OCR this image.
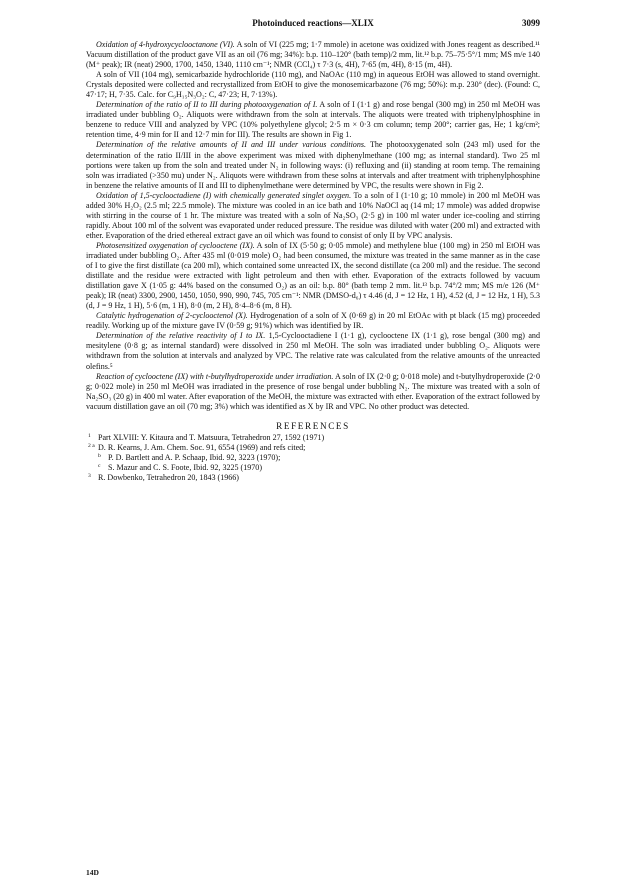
Photoinduced reactions—XLIX	3099

Oxidation of 4-hydroxycyclooctanone (VI). A soln of VI (225 mg; 1·7 mmole) in acetone was oxidized with Jones reagent as described.¹¹ Vacuum distillation of the product gave VII as an oil (76 mg; 34%): b.p. 110–120° (bath temp)/2 mm, lit.¹² b.p. 75–75·5°/1 mm; MS m/e 140 (M⁺ peak); IR (neat) 2900, 1700, 1450, 1340, 1110 cm⁻¹; NMR (CCl₄) τ 7·3 (s, 4H), 7·65 (m, 4H), 8·15 (m, 4H).

A soln of VII (104 mg), semicarbazide hydrochloride (110 mg), and NaOAc (110 mg) in aqueous EtOH was allowed to stand overnight. Crystals deposited were collected and recrystallized from EtOH to give the monosemicarbazone (76 mg; 50%): m.p. 230° (dec). (Found: C, 47·17; H, 7·35. Calc. for C₉H₁₅N₃O₂: C, 47·23; H, 7·13%).

Determination of the ratio of II to III during photooxygenation of I. A soln of I (1·1 g) and rose bengal (300 mg) in 250 ml MeOH was irradiated under bubbling O₂. Aliquots were withdrawn from the soln at intervals. The aliquots were treated with triphenylphosphine in benzene to reduce VIII and analyzed by VPC (10% polyethylene glycol; 2·5 m × 0·3 cm column; temp 200°; carrier gas, He; 1 kg/cm²; retention time, 4·9 min for II and 12·7 min for III). The results are shown in Fig 1.

Determination of the relative amounts of II and III under various conditions. The photooxygenated soln (243 ml) used for the determination of the ratio II/III in the above experiment was mixed with diphenylmethane (100 mg; as internal standard). Two 25 ml portions were taken up from the soln and treated under N₂ in following ways: (i) refluxing and (ii) standing at room temp. The remaining soln was irradiated (>350 mu) under N₂. Aliquots were withdrawn from these solns at intervals and after treatment with triphenylphosphine in benzene the relative amounts of II and III to diphenylmethane were determined by VPC, the results were shown in Fig 2.

Oxidation of 1,5-cyclooctadiene (I) with chemically generated singlet oxygen. To a soln of I (1·10 g; 10 mmole) in 200 ml MeOH was added 30% H₂O₂ (2.5 ml; 22.5 mmole). The mixture was cooled in an ice bath and 10% NaOCl aq (14 ml; 17 mmole) was added dropwise with stirring in the course of 1 hr. The mixture was treated with a soln of Na₂SO₃ (2·5 g) in 100 ml water under ice-cooling and stirring rapidly. About 100 ml of the solvent was evaporated under reduced pressure. The residue was diluted with water (200 ml) and extracted with ether. Evaporation of the dried ethereal extract gave an oil which was found to consist of only II by VPC analysis.

Photosensitized oxygenation of cyclooctene (IX). A soln of IX (5·50 g; 0·05 mmole) and methylene blue (100 mg) in 250 ml EtOH was irradiated under bubbling O₂. After 435 ml (0·019 mole) O₂ had been consumed, the mixture was treated in the same manner as in the case of I to give the first distillate (ca 200 ml), which contained some unreacted IX, the second distillate (ca 200 ml) and the residue. The second distillate and the residue were extracted with light petroleum and then with ether. Evaporation of the extracts followed by vacuum distillation gave X (1·05 g: 44% based on the consumed O₂) as an oil: b.p. 80° (bath temp 2 mm. lit.¹³ b.p. 74°/2 mm; MS m/e 126 (M⁺ peak); IR (neat) 3300, 2900, 1450, 1050, 990, 990, 745, 705 cm⁻¹: NMR (DMSO-d₆) τ 4.46 (d, J = 12 Hz, 1 H), 4.52 (d, J = 12 Hz, 1 H), 5.3 (d, J = 9 Hz, 1 H), 5·6 (m, 1 H), 8·0 (m, 2 H), 8·4–8·6 (m, 8 H).

Catalytic hydrogenation of 2-cyclooctenol (X). Hydrogenation of a soln of X (0·69 g) in 20 ml EtOAc with pt black (15 mg) proceeded readily. Working up of the mixture gave IV (0·59 g; 91%) which was identified by IR.

Determination of the relative reactivity of I to IX. 1,5-Cyclooctadiene I (1·1 g), cyclooctene IX (1·1 g), rose bengal (300 mg) and mesitylene (0·8 g; as internal standard) were dissolved in 250 ml MeOH. The soln was irradiated under bubbling O₂. Aliquots were withdrawn from the solution at intervals and analyzed by VPC. The relative rate was calculated from the relative amounts of the unreacted olefins.⁵

Reaction of cyclooctene (IX) with t-butylhydroperoxide under irradiation. A soln of IX (2·0 g; 0·018 mole) and t-butylhydroperoxide (2·0 g; 0·022 mole) in 250 ml MeOH was irradiated in the presence of rose bengal under bubbling N₂. The mixture was treated with a soln of Na₂SO₃ (20 g) in 400 ml water. After evaporation of the MeOH, the mixture was extracted with ether. Evaporation of the extract followed by vacuum distillation gave an oil (70 mg; 3%) which was identified as X by IR and VPC. No other product was detected.

REFERENCES
1 Part XLVIII: Y. Kitaura and T. Matsuura, Tetrahedron 27, 1592 (1971)
2 a D. R. Kearns, J. Am. Chem. Soc. 91, 6554 (1969) and refs cited;
b P. D. Bartlett and A. P. Schaap, Ibid. 92, 3223 (1970);
c S. Mazur and C. S. Foote, Ibid. 92, 3225 (1970)
3 R. Dowbenko, Tetrahedron 20, 1843 (1966)
14D
